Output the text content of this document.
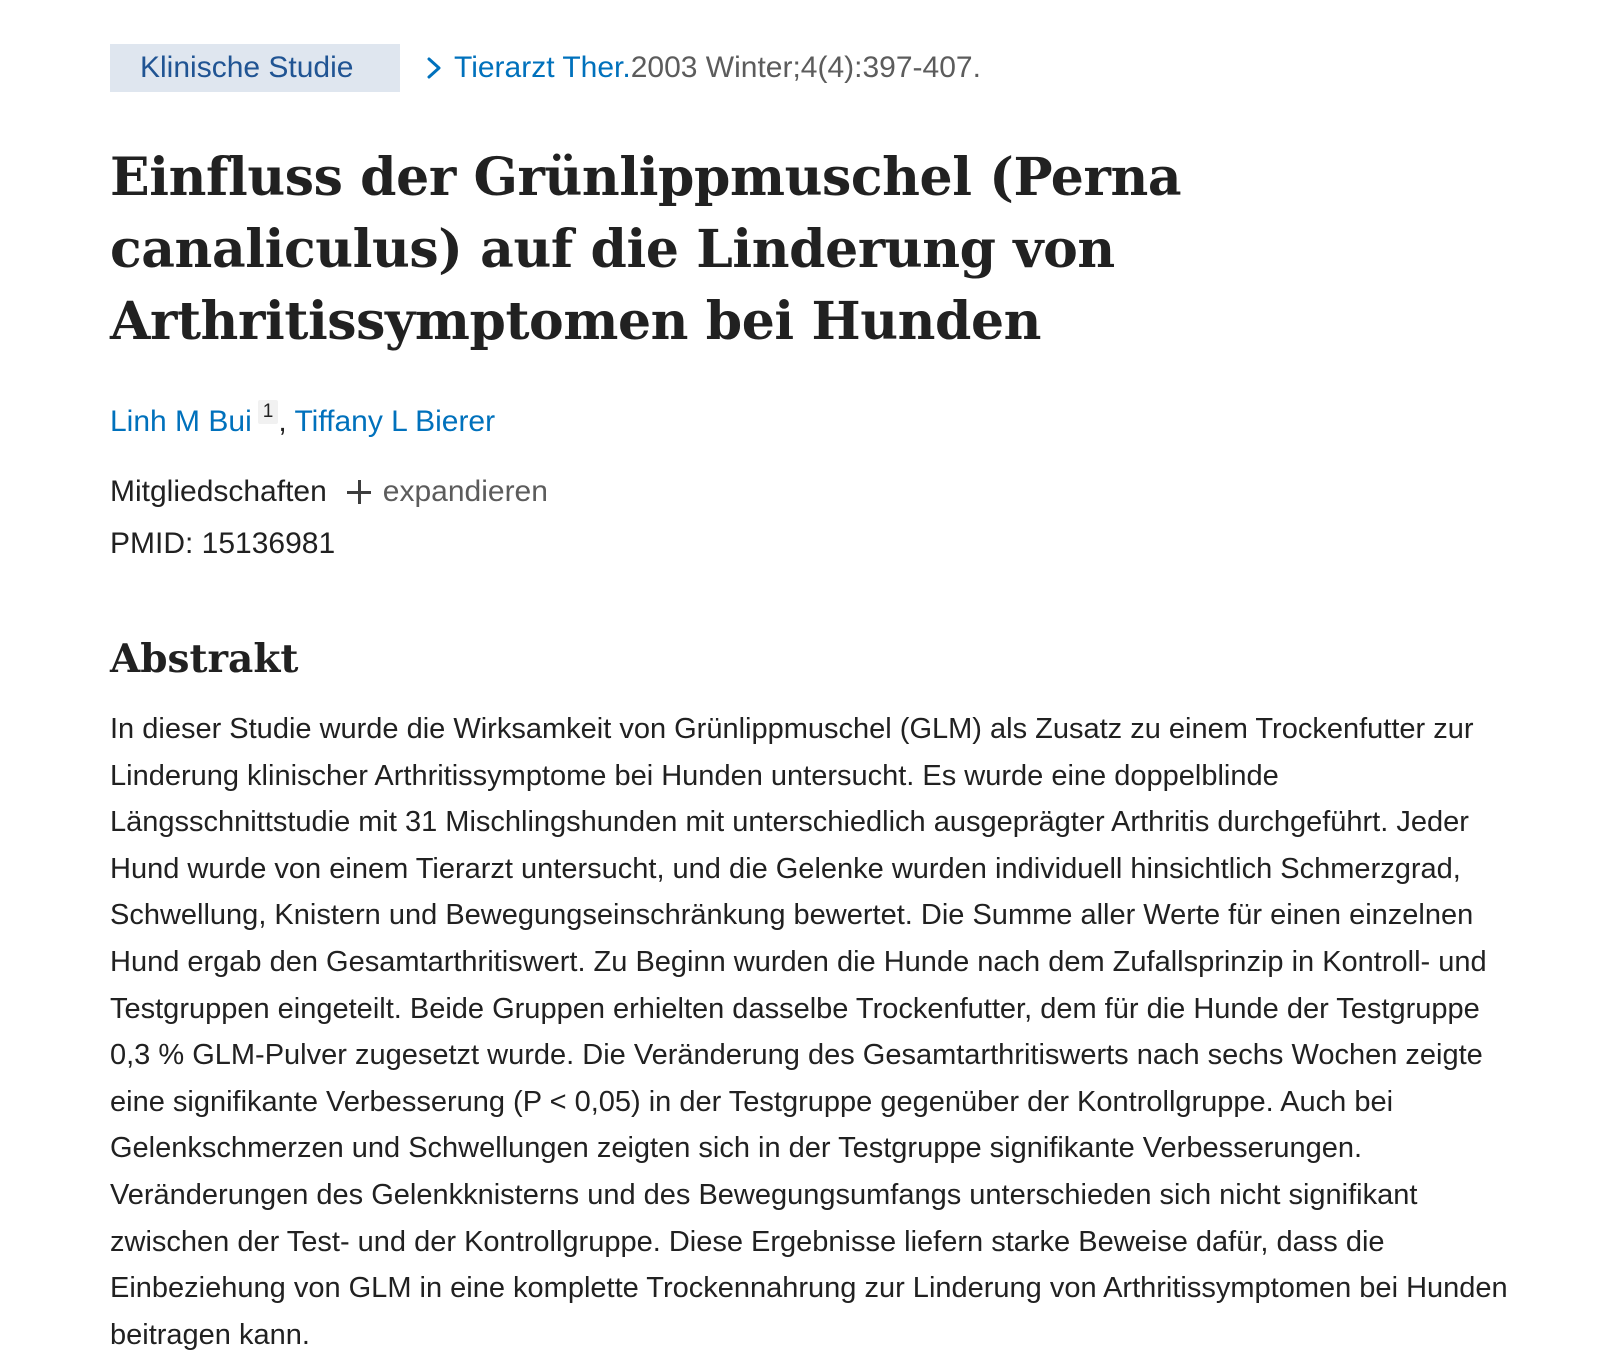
Klinische Studie	Tierarzt Ther. 2003 Winter;4(4):397-407.
Einfluss der Grünlippmuschel (Perna canaliculus) auf die Linderung von Arthritissymptomen bei Hunden
Linh M Bui 1 , Tiffany L Bierer
Mitgliedschaften expandieren
PMID: 15136981
Abstrakt

In dieser Studie wurde die Wirksamkeit von Grünlippmuschel (GLM) als Zusatz zu einem Trockenfutter zur Linderung klinischer Arthritissymptome bei Hunden untersucht. Es wurde eine doppelblinde Längsschnittstudie mit 31 Mischlingshunden mit unterschiedlich ausgeprägter Arthritis durchgeführt. Jeder Hund wurde von einem Tierarzt untersucht, und die Gelenke wurden individuell hinsichtlich Schmerzgrad, Schwellung, Knistern und Bewegungseinschränkung bewertet. Die Summe aller Werte für einen einzelnen Hund ergab den Gesamtarthritiswert. Zu Beginn wurden die Hunde nach dem Zufallsprinzip in Kontroll- und Testgruppen eingeteilt. Beide Gruppen erhielten dasselbe Trockenfutter, dem für die Hunde der Testgruppe 0,3 % GLM-Pulver zugesetzt wurde. Die Veränderung des Gesamtarthritiswerts nach sechs Wochen zeigte eine signifikante Verbesserung (P < 0,05) in der Testgruppe gegenüber der Kontrollgruppe. Auch bei Gelenkschmerzen und Schwellungen zeigten sich in der Testgruppe signifikante Verbesserungen. Veränderungen des Gelenkknisterns und des Bewegungsumfangs unterschieden sich nicht signifikant zwischen der Test- und der Kontrollgruppe. Diese Ergebnisse liefern starke Beweise dafür, dass die Einbeziehung von GLM in eine komplette Trockennahrung zur Linderung von Arthritissymptomen bei Hunden beitragen kann.
